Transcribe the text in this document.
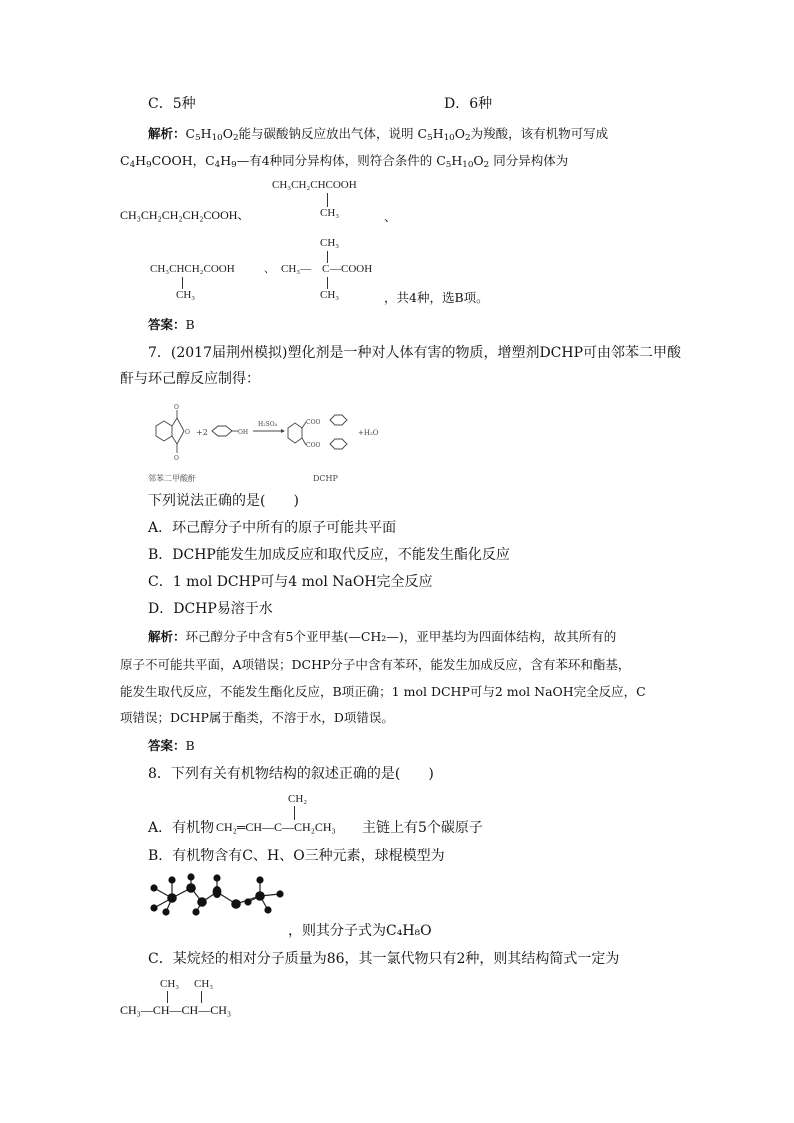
C．5种	D．6种
解析：$C_5H_{10}O_2$能与碳酸钠反应放出气体，说明 $C_5H_{10}O_2$为羧酸，该有机物可写成
$C_4H_9COOH$，$C_4H_9—$有4种同分异构体，则符合条件的 $C_5H_{10}O_2$ 同分异构体为
CH₃CH₂CHCOOH
CH₃
CH₃CH₂CH₂CH₂COOH、	、
CH₃CHCH₂COOH
CH₃
、
CH₃
CH₃— C —COOH
CH₃	，共4种，选B项。
答案：B
7．(2017届荆州模拟)塑化剂是一种对人体有害的物质，增塑剂DCHP可由邻苯二甲酸
酐与环己醇反应制得：
O
O
O
+2	OH
H₂SO₄	COO
COO
+H₂O
邻苯二甲酸酐	DCHP
下列说法正确的是(　　)
A．环己醇分子中所有的原子可能共平面
B．DCHP能发生加成反应和取代反应，不能发生酯化反应
C．1 mol DCHP可与4 mol NaOH完全反应
D．DCHP易溶于水
解析：环己醇分子中含有5个亚甲基(—CH₂—)，亚甲基均为四面体结构，故其所有的
原子不可能共平面，A项错误；DCHP分子中含有苯环，能发生加成反应，含有苯环和酯基，
能发生取代反应，不能发生酯化反应，B项正确；1 mol DCHP可与2 mol NaOH完全反应，C
项错误；DCHP属于酯类，不溶于水，D项错误。
答案：B
8．下列有关有机物结构的叙述正确的是(　　)
CH₂
A．有机物 CH₂═CH—C—CH₂CH₃ 主链上有5个碳原子
B．有机物含有C、H、O三种元素，球棍模型为
，则其分子式为C₄H₈O
C．某烷烃的相对分子质量为86，其一氯代物只有2种，则其结构简式一定为
CH₃ CH₃
CH₃—CH—CH—CH₃
